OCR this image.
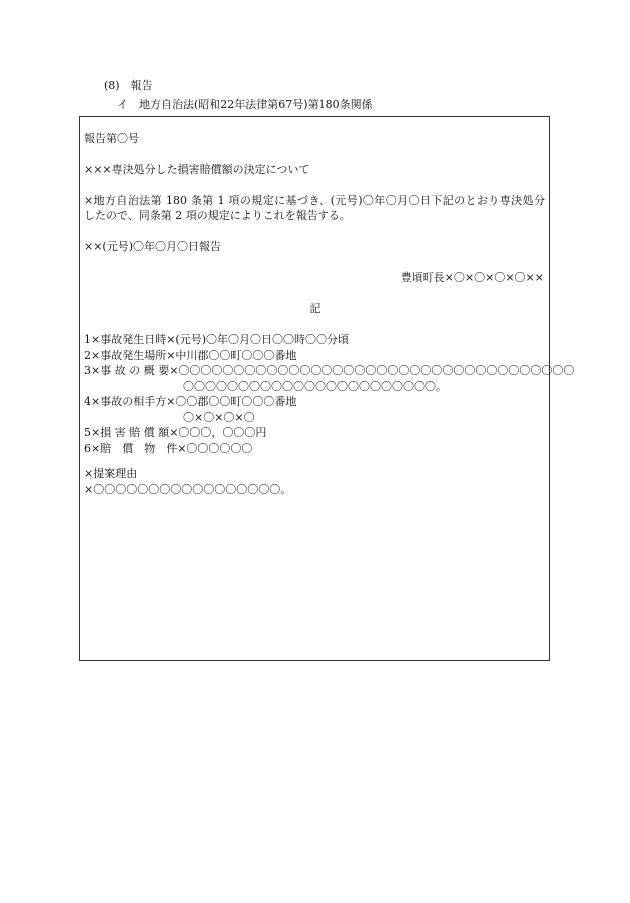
(8)　報告
イ　地方自治法(昭和22年法律第67号)第180条関係
報告第〇号
×××専決処分した損害賠償額の決定について
×地方自治法第 180 条第 1 項の規定に基づき、(元号)〇年〇月〇日下記のとおり専決処分
したので、同条第 2 項の規定によりこれを報告する。
××(元号)〇年〇月〇日報告
豊頃町長×〇×〇×〇×〇××
記
1×事故発生日時×(元号)〇年〇月〇日〇〇時〇〇分頃
2×事故発生場所×中川郡〇〇町〇〇〇番地
3×事 故 の 概 要×〇〇〇〇〇〇〇〇〇〇〇〇〇〇〇〇〇〇〇〇〇〇〇〇〇〇〇〇〇〇〇〇〇〇〇〇
〇〇〇〇〇〇〇〇〇〇〇〇〇〇〇〇〇〇〇〇〇〇〇。
4×事故の相手方×〇〇郡〇〇町〇〇〇番地
〇×〇×〇×〇
5×損 害 賠 償 額×〇〇〇，〇〇〇円
6×賠　償　物　件×〇〇〇〇〇〇
×提案理由
×〇〇〇〇〇〇〇〇〇〇〇〇〇〇〇〇〇。
